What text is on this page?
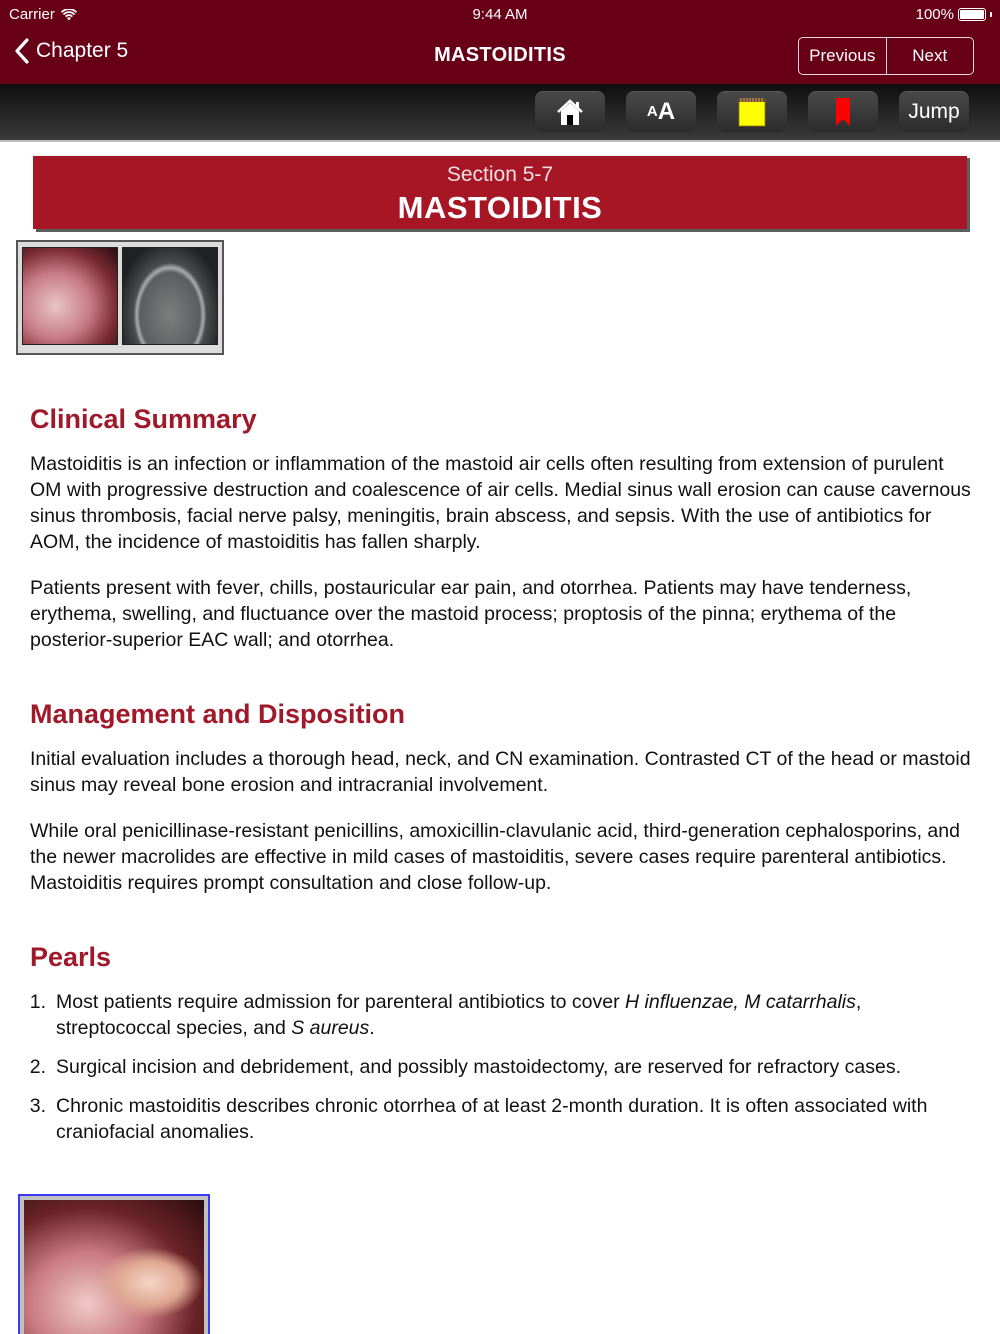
Carrier	9:44 AM	100%
Chapter 5	MASTOIDITIS	Previous	Next
A A	Jump
Section 5-7
MASTOIDITIS
Clinical Summary

Mastoiditis is an infection or inflammation of the mastoid air cells often resulting from extension of purulent OM with progressive destruction and coalescence of air cells. Medial sinus wall erosion can cause cavernous sinus thrombosis, facial nerve palsy, meningitis, brain abscess, and sepsis. With the use of antibiotics for AOM, the incidence of mastoiditis has fallen sharply.

Patients present with fever, chills, postauricular ear pain, and otorrhea. Patients may have tenderness, erythema, swelling, and fluctuance over the mastoid process; proptosis of the pinna; erythema of the posterior-superior EAC wall; and otorrhea.

Management and Disposition

Initial evaluation includes a thorough head, neck, and CN examination. Contrasted CT of the head or mastoid sinus may reveal bone erosion and intracranial involvement.

While oral penicillinase-resistant penicillins, amoxicillin-clavulanic acid, third-generation cephalosporins, and the newer macrolides are effective in mild cases of mastoiditis, severe cases require parenteral antibiotics. Mastoiditis requires prompt consultation and close follow-up.

Pearls
1. Most patients require admission for parenteral antibiotics to cover H influenzae, M catarrhalis, streptococcal species, and S aureus.
2. Surgical incision and debridement, and possibly mastoidectomy, are reserved for refractory cases.
3. Chronic mastoiditis describes chronic otorrhea of at least 2-month duration. It is often associated with craniofacial anomalies.
